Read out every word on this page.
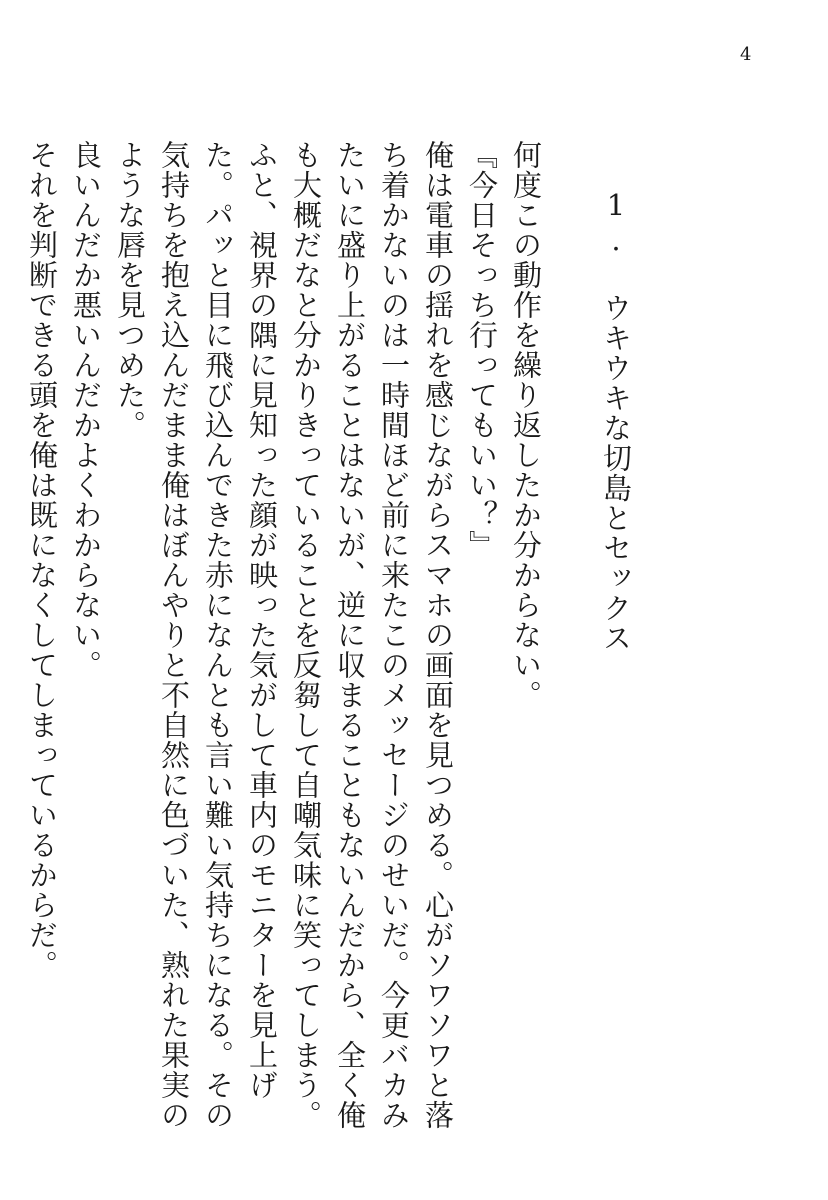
4
1. ウキウキな切島とセックス

何度この動作を繰り返したか分からない。

『今日そっち行ってもいい？』

俺は電車の揺れを感じながらスマホの画面を見つめる。心がソワソワと落ち着かないのは一時間ほど前に来たこのメッセージのせいだ。今更バカみたいに盛り上がることはないが、逆に収まることもないんだから、全く俺も大概だなと分かりきっていることを反芻して自嘲気味に笑ってしまう。

ふと、視界の隅に見知った顔が映った気がして車内のモニターを見上げた。パッと目に飛び込んできた赤になんとも言い難い気持ちになる。その気持ちを抱え込んだまま俺はぼんやりと不自然に色づいた、熟れた果実のような唇を見つめた。

良いんだか悪いんだかよくわからない。

それを判断できる頭を俺は既になくしてしまっているからだ。
